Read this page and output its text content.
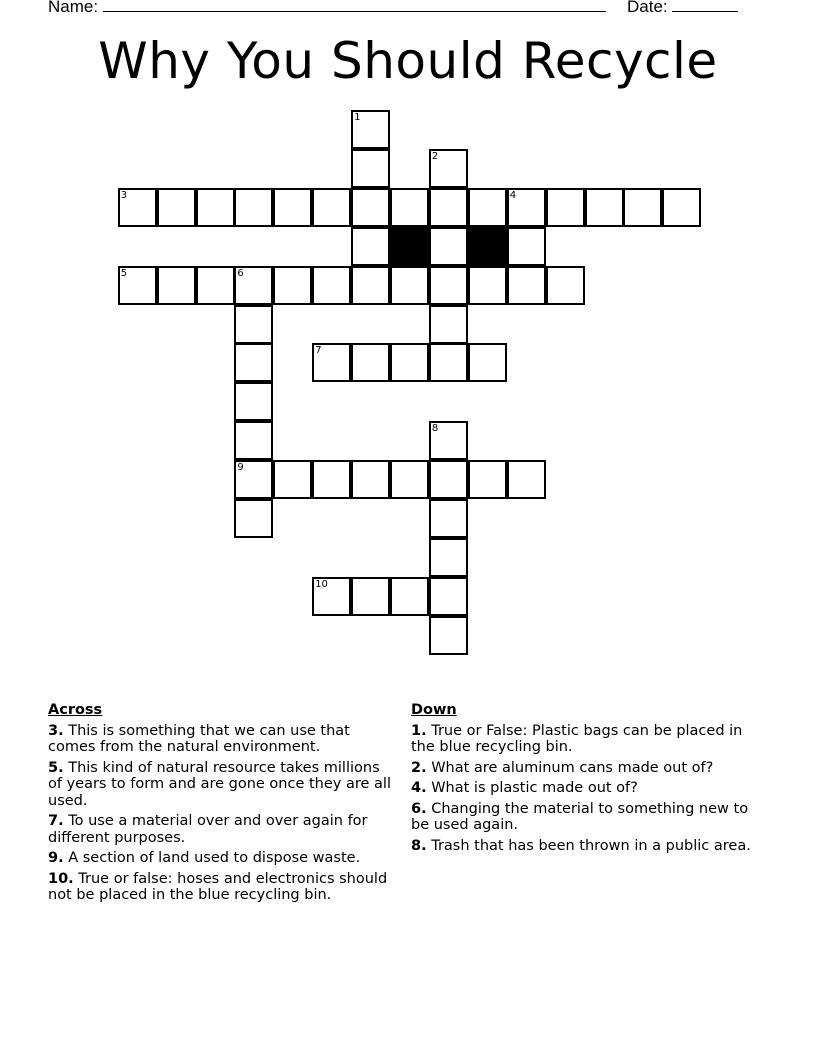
Name:	Date:
Why You Should Recycle
1
2
3	4
5	6
7
8
9
10
Across
3. This is something that we can use that comes from the natural environment.
5. This kind of natural resource takes millions of years to form and are gone once they are all used.
7. To use a material over and over again for different purposes.
9. A section of land used to dispose waste.
10. True or false: hoses and electronics should not be placed in the blue recycling bin.
Down
1. True or False: Plastic bags can be placed in the blue recycling bin.
2. What are aluminum cans made out of?
4. What is plastic made out of?
6. Changing the material to something new to be used again.
8. Trash that has been thrown in a public area.
